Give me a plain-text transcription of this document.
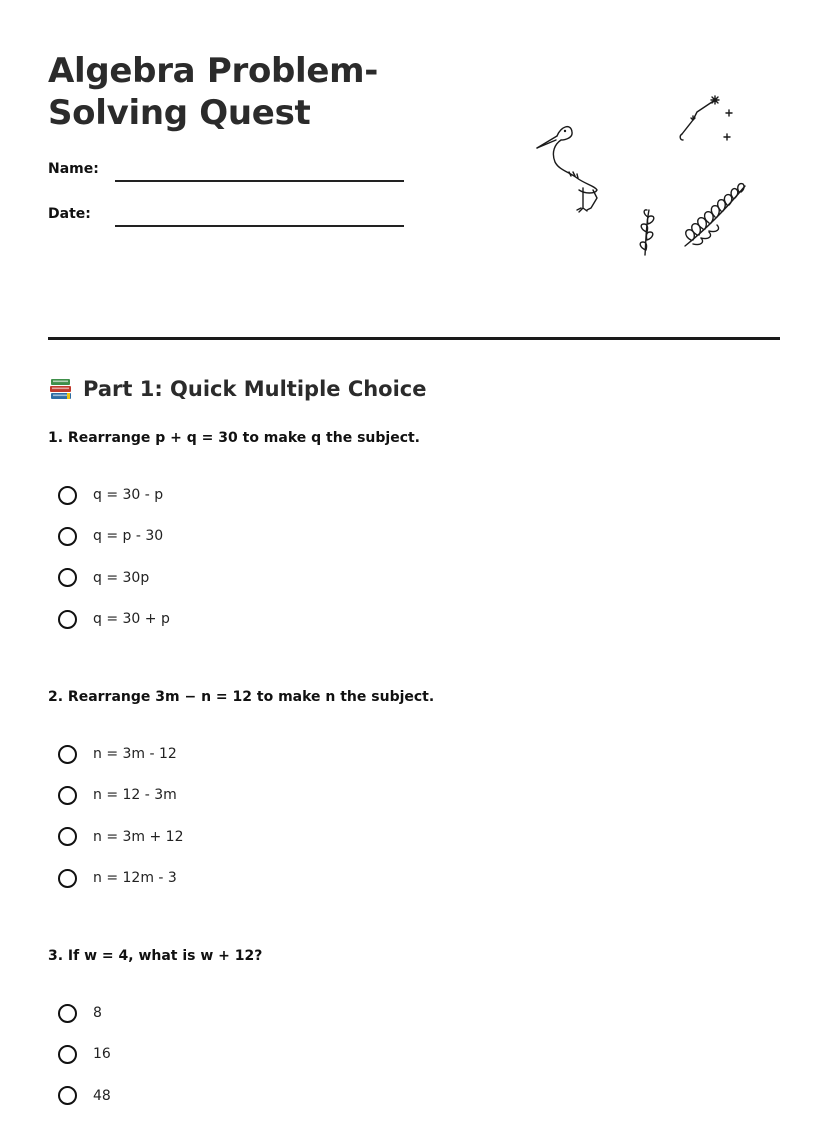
Algebra Problem-Solving Quest
Name:
Date:
Part 1: Quick Multiple Choice

1. Rearrange p + q = 30 to make q the subject.

q = 30 - p
q = p - 30
q = 30p
q = 30 + p

2. Rearrange 3m − n = 12 to make n the subject.

n = 3m - 12
n = 12 - 3m
n = 3m + 12
n = 12m - 3

3. If w = 4, what is w + 12?

8
16
48
